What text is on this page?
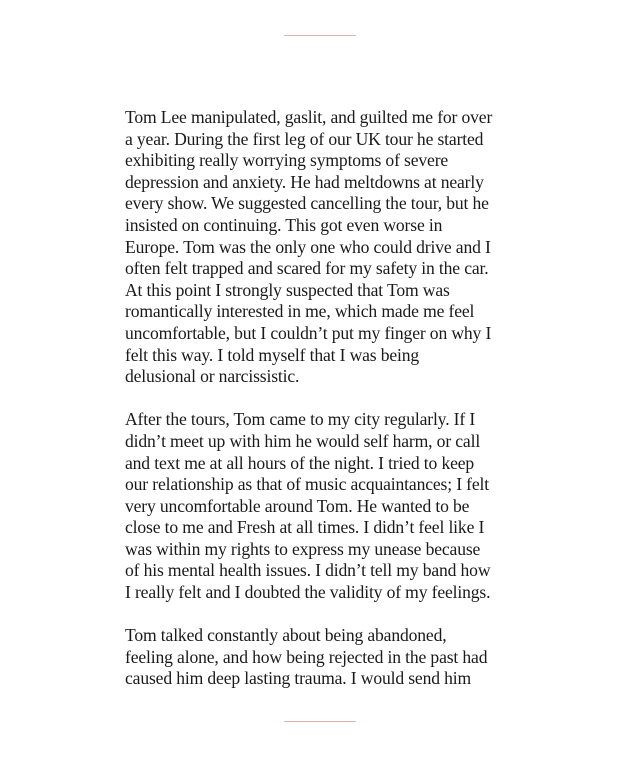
Tom Lee manipulated, gaslit, and guilted me for over
a year. During the first leg of our UK tour he started
exhibiting really worrying symptoms of severe
depression and anxiety. He had meltdowns at nearly
every show. We suggested cancelling the tour, but he
insisted on continuing. This got even worse in
Europe. Tom was the only one who could drive and I
often felt trapped and scared for my safety in the car.
At this point I strongly suspected that Tom was
romantically interested in me, which made me feel
uncomfortable, but I couldn’t put my finger on why I
felt this way. I told myself that I was being
delusional or narcissistic.

After the tours, Tom came to my city regularly. If I
didn’t meet up with him he would self harm, or call
and text me at all hours of the night. I tried to keep
our relationship as that of music acquaintances; I felt
very uncomfortable around Tom. He wanted to be
close to me and Fresh at all times. I didn’t feel like I
was within my rights to express my unease because
of his mental health issues. I didn’t tell my band how
I really felt and I doubted the validity of my feelings.

Tom talked constantly about being abandoned,
feeling alone, and how being rejected in the past had
caused him deep lasting trauma. I would send him
